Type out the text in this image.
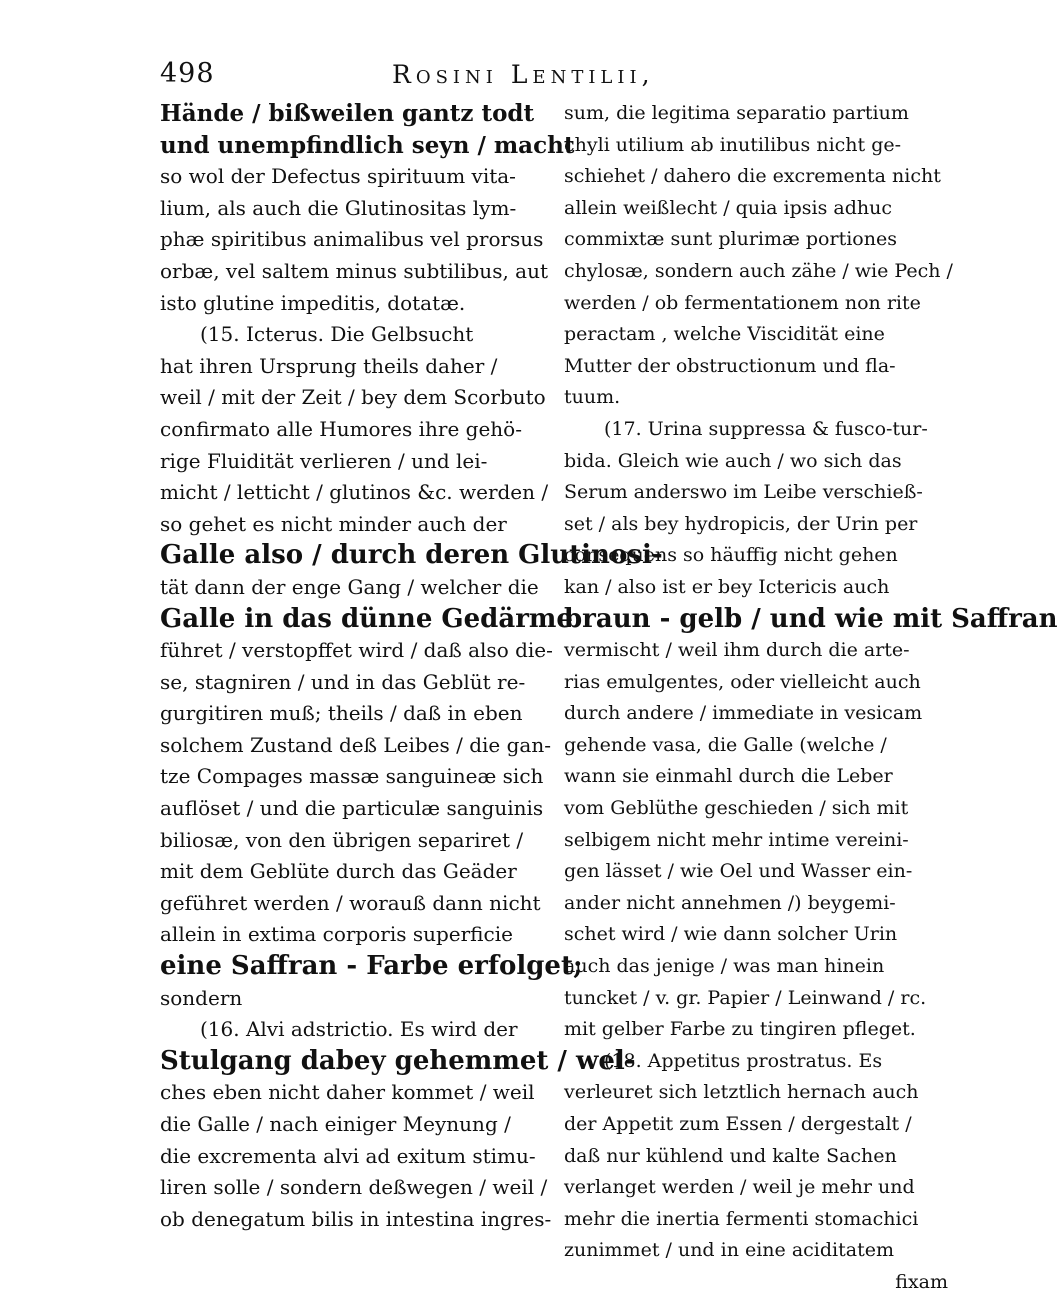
498	Rosini Lentilii,
Hände / bißweilen gantz todt
und unempfindlich seyn / macht
so wol der Defectus spirituum vita-
lium, als auch die Glutinositas lym-
phæ spiritibus animalibus vel prorsus
orbæ, vel saltem minus subtilibus, aut
isto glutine impeditis, dotatæ.
(15. Icterus. Die Gelbsucht
hat ihren Ursprung theils daher /
weil / mit der Zeit / bey dem Scorbuto
confirmato alle Humores ihre gehö-
rige Fluidität verlieren / und lei-
micht / letticht / glutinos &c. werden /
so gehet es nicht minder auch der
Galle also / durch deren Glutinosi-
tät dann der enge Gang / welcher die
Galle in das dünne Gedärme
führet / verstopffet wird / daß also die-
se, stagniren / und in das Geblüt re-
gurgitiren muß; theils / daß in eben
solchem Zustand deß Leibes / die gan-
tze Compages massæ sanguineæ sich
auflöset / und die particulæ sanguinis
biliosæ, von den übrigen separiret /
mit dem Geblüte durch das Geäder
geführet werden / worauß dann nicht
allein in extima corporis superficie
eine Saffran - Farbe erfolget;
sondern
(16. Alvi adstrictio. Es wird der
Stulgang dabey gehemmet / wel-
ches eben nicht daher kommet / weil
die Galle / nach einiger Meynung /
die excrementa alvi ad exitum stimu-
liren solle / sondern deßwegen / weil /
ob denegatum bilis in intestina ingres-
sum, die legitima separatio partium
chyli utilium ab inutilibus nicht ge-
schiehet / dahero die excrementa nicht
allein weißlecht / quia ipsis adhuc
commixtæ sunt plurimæ portiones
chylosæ, sondern auch zähe / wie Pech /
werden / ob fermentationem non rite
peractam , welche Viscidität eine
Mutter der obstructionum und fla-
tuum.
(17. Urina suppressa & fusco-tur-
bida. Gleich wie auch / wo sich das
Serum anderswo im Leibe verschieß-
set / als bey hydropicis, der Urin per
consequens so häuffig nicht gehen
kan / also ist er bey Ictericis auch
braun - gelb / und wie mit Saffran
vermischt / weil ihm durch die arte-
rias emulgentes, oder vielleicht auch
durch andere / immediate in vesicam
gehende vasa, die Galle (welche /
wann sie einmahl durch die Leber
vom Geblüthe geschieden / sich mit
selbigem nicht mehr intime vereini-
gen lässet / wie Oel und Wasser ein-
ander nicht annehmen /) beygemi-
schet wird / wie dann solcher Urin
auch das jenige / was man hinein
tuncket / v. gr. Papier / Leinwand / rc.
mit gelber Farbe zu tingiren pfleget.
(18. Appetitus prostratus. Es
verleuret sich letztlich hernach auch
der Appetit zum Essen / dergestalt /
daß nur kühlend und kalte Sachen
verlanget werden / weil je mehr und
mehr die inertia fermenti stomachici
zunimmet / und in eine aciditatem
fixam
